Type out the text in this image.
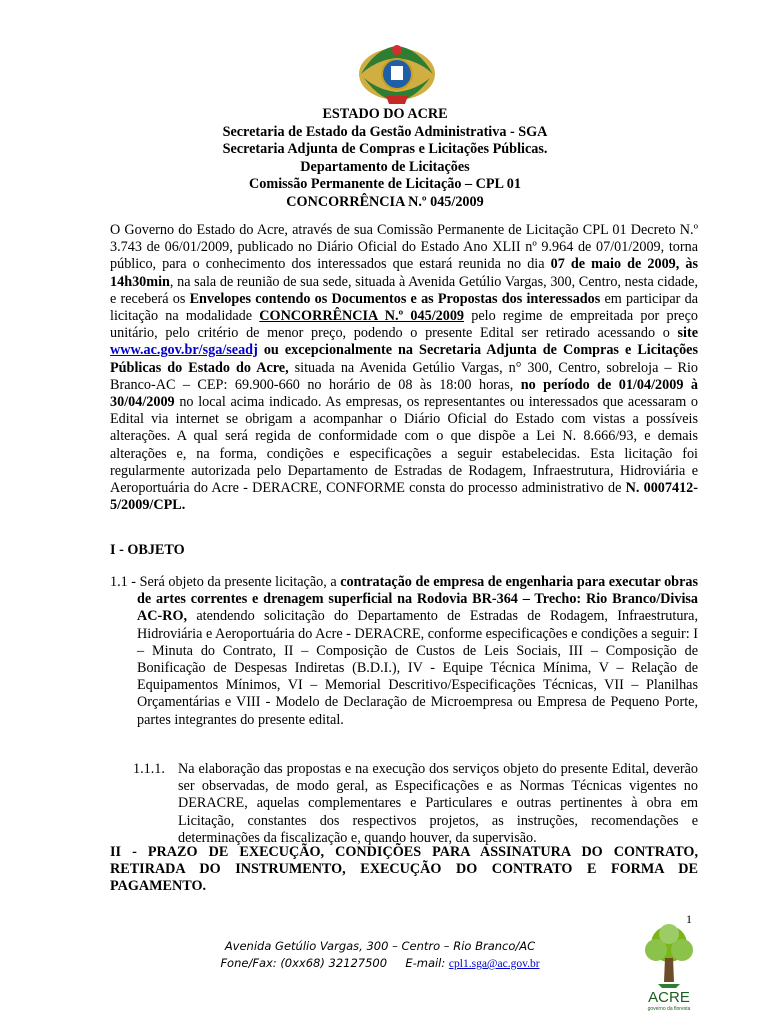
ESTADO DO ACRE
Secretaria de Estado da Gestão Administrativa - SGA
Secretaria Adjunta de Compras e Licitações Públicas.
Departamento de Licitações
Comissão Permanente de Licitação – CPL 01
CONCORRÊNCIA N.º 045/2009
O Governo do Estado do Acre, através de sua Comissão Permanente de Licitação CPL 01 Decreto N.º 3.743 de 06/01/2009, publicado no Diário Oficial do Estado Ano XLII nº 9.964 de 07/01/2009, torna público, para o conhecimento dos interessados que estará reunida no dia 07 de maio de 2009, às 14h30min, na sala de reunião de sua sede, situada à Avenida Getúlio Vargas, 300, Centro, nesta cidade, e receberá os Envelopes contendo os Documentos e as Propostas dos interessados em participar da licitação na modalidade CONCORRÊNCIA N.º 045/2009 pelo regime de empreitada por preço unitário, pelo critério de menor preço, podendo o presente Edital ser retirado acessando o site www.ac.gov.br/sga/seadj ou excepcionalmente na Secretaria Adjunta de Compras e Licitações Públicas do Estado do Acre, situada na Avenida Getúlio Vargas, n° 300, Centro, sobreloja – Rio Branco-AC – CEP: 69.900-660 no horário de 08 às 18:00 horas, no período de 01/04/2009 à 30/04/2009 no local acima indicado. As empresas, os representantes ou interessados que acessaram o Edital via internet se obrigam a acompanhar o Diário Oficial do Estado com vistas a possíveis alterações. A qual será regida de conformidade com o que dispõe a Lei N. 8.666/93, e demais alterações e, na forma, condições e especificações a seguir estabelecidas. Esta licitação foi regularmente autorizada pelo Departamento de Estradas de Rodagem, Infraestrutura, Hidroviária e Aeroportuária do Acre - DERACRE, CONFORME consta do processo administrativo de N. 0007412-5/2009/CPL.
I - OBJETO
1.1 - Será objeto da presente licitação, a contratação de empresa de engenharia para executar obras de artes correntes e drenagem superficial na Rodovia BR-364 – Trecho: Rio Branco/Divisa AC-RO, atendendo solicitação do Departamento de Estradas de Rodagem, Infraestrutura, Hidroviária e Aeroportuária do Acre - DERACRE, conforme especificações e condições a seguir: I – Minuta do Contrato, II – Composição de Custos de Leis Sociais, III – Composição de Bonificação de Despesas Indiretas (B.D.I.), IV - Equipe Técnica Mínima, V – Relação de Equipamentos Mínimos, VI – Memorial Descritivo/Especificações Técnicas, VII – Planilhas Orçamentárias e VIII - Modelo de Declaração de Microempresa ou Empresa de Pequeno Porte, partes integrantes do presente edital.
1.1.1. Na elaboração das propostas e na execução dos serviços objeto do presente Edital, deverão ser observadas, de modo geral, as Especificações e as Normas Técnicas vigentes no DERACRE, aquelas complementares e Particulares e outras pertinentes à obra em Licitação, constantes dos respectivos projetos, as instruções, recomendações e determinações da fiscalização e, quando houver, da supervisão.
II - PRAZO DE EXECUÇÃO, CONDIÇÕES PARA ASSINATURA DO CONTRATO, RETIRADA DO INSTRUMENTO, EXECUÇÃO DO CONTRATO E FORMA DE PAGAMENTO.
1
Avenida Getúlio Vargas, 300 – Centro – Rio Branco/AC
Fone/Fax: (0xx68) 32127500     E-mail: cpl1.sga@ac.gov.br
ACRE
governo da floresta
